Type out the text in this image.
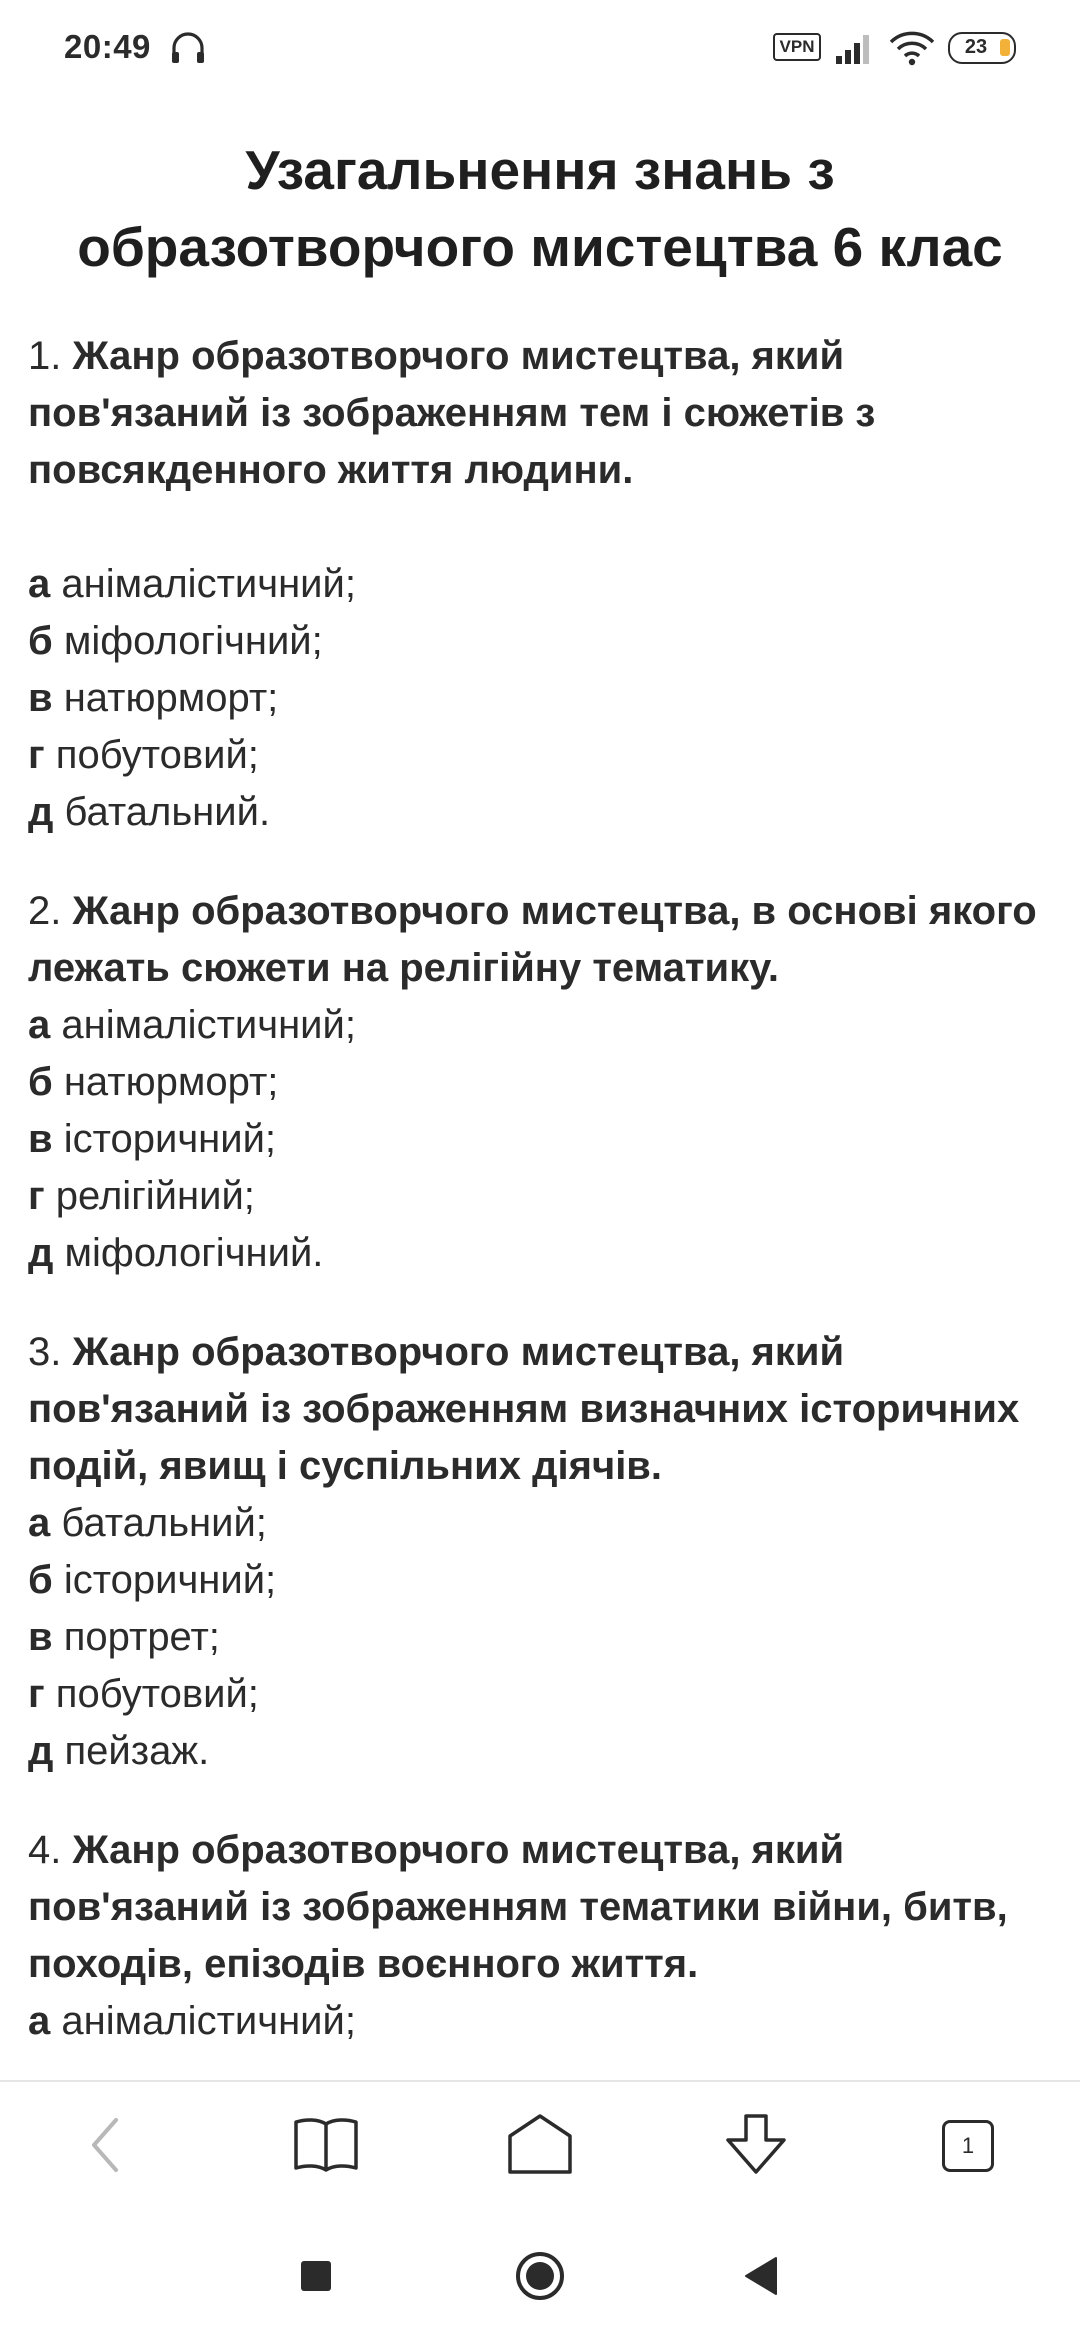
20:49	VPN	23
Узагальнення знань з образотворчого мистецтва 6 клас
1. Жанр образотворчого мистецтва, який пов'язаний із зображенням тем і сюжетів з повсякденного життя людини.
а анімалістичний;
б міфологічний;
в натюрморт;
г побутовий;
д батальний.
2. Жанр образотворчого мистецтва, в основі якого лежать сюжети на релігійну тематику.
а анімалістичний;
б натюрморт;
в історичний;
г релігійний;
д міфологічний.
3. Жанр образотворчого мистецтва, який пов'язаний із зображенням визначних історичних подій, явищ і суспільних діячів.
а батальний;
б історичний;
в портрет;
г побутовий;
д пейзаж.
4. Жанр образотворчого мистецтва, який пов'язаний із зображенням тематики війни, битв, походів, епізодів воєнного життя.
а анімалістичний;
1
